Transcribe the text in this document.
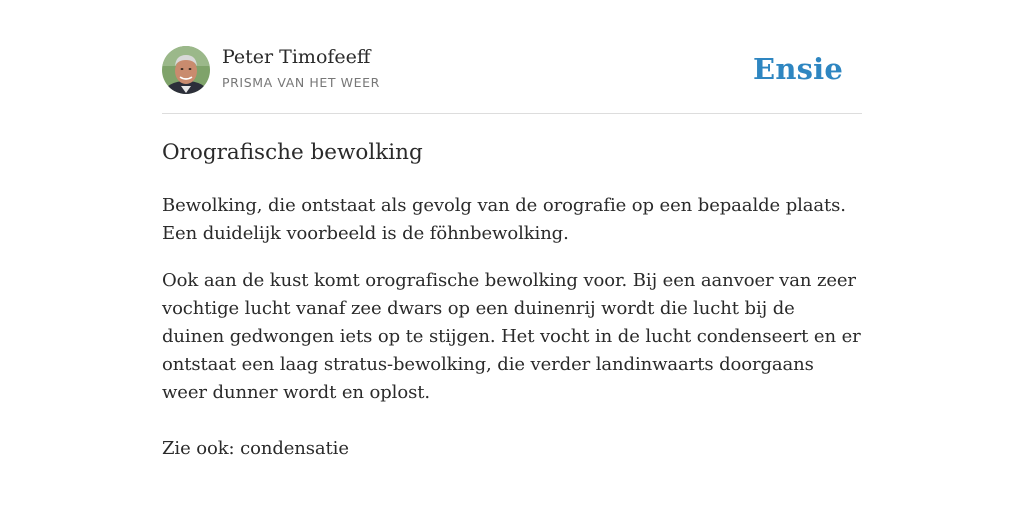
Peter Timofeeff
PRISMA VAN HET WEER	Ensie
Orografische bewolking

Bewolking, die ontstaat als gevolg van de orografie op een bepaalde plaats. Een duidelijk voorbeeld is de föhnbewolking.

Ook aan de kust komt orografische bewolking voor. Bij een aanvoer van zeer vochtige lucht vanaf zee dwars op een duinenrij wordt die lucht bij de duinen gedwongen iets op te stijgen. Het vocht in de lucht condenseert en er ontstaat een laag stratus-bewolking, die verder landinwaarts doorgaans weer dunner wordt en oplost.

Zie ook: condensatie
